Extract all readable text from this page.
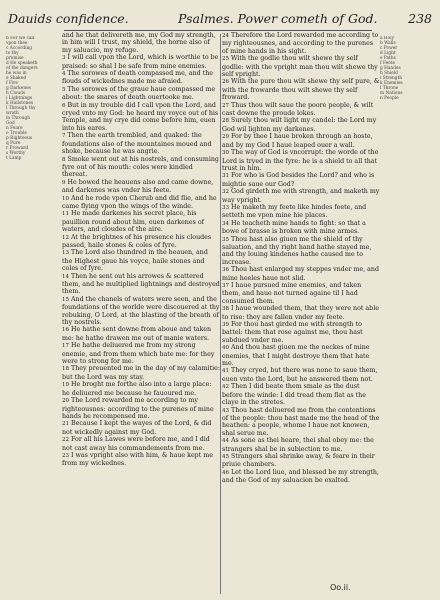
Dauids confidence.	Psalmes. Power cometh of God. 238
b For we call
vpon thee
c According
to thy
promise
d He speaketh
of the dangers
he was in
e Shaked
f Fire
g Darkenes
h Clouds
i Lightnings
k Hailstones
l Through thy
wrath
m Through
God
n Feare
o Trouble
p Righteous
q Pure
r Froward
s Worthy
t Lamp

and he that delivereth me, my God my strength, in him will I trust, my shield, the horne also of my saluacio, my refuge.

3 I will call vpon the Lord, which is worthie to be praised: so shal I be safe from mine enemies.

4 The sorowes of death compassed me, and the flouds of wickednes made me afraied.

5 The sorowes of the graue haue compassed me about: the snares of death ouertooke me.

6 But in my trouble did I call vpon the Lord, and cryed vnto my God: he heard my voyce out of his Temple, and my crye did come before him, euen into his eares.

7 Then the earth trembled, and quaked: the foundations also of the mountaines moued and shoke, because he was angrie.

8 Smoke went out at his nostrels, and consuming fyre out of his mouth: coles were kindled thereat.

9 He bowed the heauens also and came downe, and darkenes was vnder his feete.

10 And he rode vpon Cherub and did flie, and he came flying vpon the wings of the winde.

11 He made darkenes his secret place, his pauillion round about him, euen darkenes of waters, and cloudes of the aire.

12 At the brightnes of his presence his cloudes passed, haile stones & coles of fyre.

13 The Lord also thundred in the heauen, and the Highest gaue his voyce, haile stones and coles of fyre.

14 Then he sent out his arrowes & scattered them, and he multiplied lightnings and destroyed them.

15 And the chanels of waters were seen, and the foundations of the worlde were discouered at thy rebuking, O Lord, at the blasting of the breath of thy nostrels.

16 He hathe sent downe from aboue and taken me: he hathe drawen me out of manie waters.

17 He hathe deliuered me from my strong enemie, and from them which hate me: for they were to strong for me.

18 They preuented me in the day of my calamitie: but the Lord was my stay.

19 He broght me forthe also into a large place: he deliuered me because he fauoured me.

20 The Lord rewarded me according to my righteousnes: according to the purenes of mine hands he recompensed me.

21 Because I kept the wayes of the Lord, & did not wickedly against my God.

22 For all his Lawes were before me, and I did not cast away his commandements from me.

23 I was vpright also with him, & haue kept me from my wickednes.

24 Therefore the Lord rewarded me according to my righteousnes, and according to the purenes of mine hands in his sight.

25 With the godlie thou wilt shewe thy self godlie: with the vpright man thou wilt shewe thy self vpright.

26 With the pure thou wilt shewe thy self pure, & with the frowarde thou wilt shewe thy self froward.

27 Thus thou wilt saue the poore people, & wilt cast downe the proude lokes.

28 Surely thou wilt light my candel: the Lord my God wil lighten my darkenes.

29 For by thee I haue broken through an hoste, and by my God I haue leaped ouer a wall.

30 The way of God is vncorrupt: the worde of the Lord is tryed in the fyre: he is a shield to all that trust in him.

31 For who is God besides the Lord? and who is mightie saue our God?

32 God girdeth me with strength, and maketh my way vpright.

33 He maketh my feete like hindes feete, and setteth me vpon mine hie places.

34 He teacheth mine hands to fight: so that a bowe of brasse is broken with mine armes.

35 Thou hast also giuen me the shield of thy saluation, and thy right hand hathe stayed me, and thy louing kindenes hathe caused me to increase.

36 Thou hast enlarged my steppes vnder me, and mine heeles haue not slid.

37 I haue pursued mine enemies, and taken them, and haue not turned againe til I had consumed them.

38 I haue wounded them, that they were not able to rise: they are fallen vnder my feete.

39 For thou hast girded me with strength to battel: them that rose against me, thou hast subdued vnder me.

40 And thou hast giuen me the neckes of mine enemies, that I might destroye them that hate me.

41 They cryed, but there was none to saue them, euen vnto the Lord, but he answered them not.

42 Then I did beate them smale as the dust before the winde: I did tread them flat as the claye in the stretes.

43 Thou hast deliuered me from the contentions of the people: thou hast made me the head of the heathen: a people, whome I haue not knowen, shal serue me.

44 As sone as thei heare, thei shal obey me: the strangers shal be in subiection to me.

45 Strangers shal shrinke away, & feare in their priuie chambers.

46 Let the Lord liue, and blessed be my strength, and the God of my saluacion be exalted.

a Holy
b Walls
c Power
d Light
e Paths
f Feete
g Handes
h Shield
i Strength
k Enemies
l Throne
m Nations
n People
Oo.ii.
